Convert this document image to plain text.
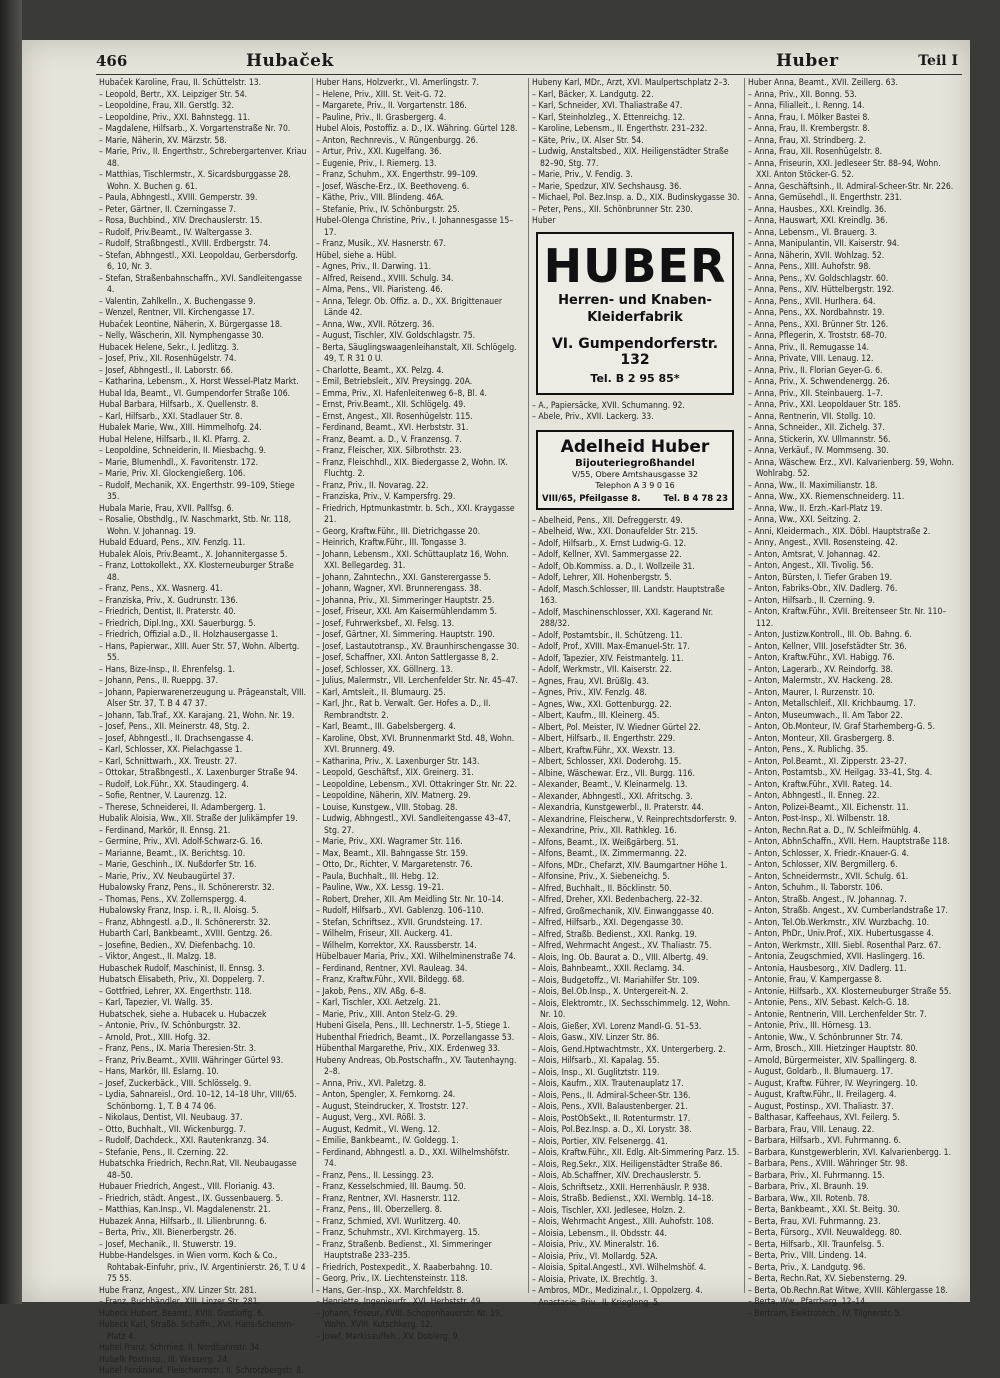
466	Hubaček	Huber	Teil I

Hubaček Karoline, Frau, II. Schüttelstr. 13.

– Leopold, Bertr., XX. Leipziger Str. 54.

– Leopoldine, Frau, XII. Gerstlg. 32.

– Leopoldine, Priv., XXI. Bahnstegg. 11.

– Magdalene, Hilfsarb., X. Vorgartenstraße Nr. 70.

– Marie, Näherin, XV. Märzstr. 58.

– Marie, Priv., II. Engerthstr., Schrebergartenver. Kriau 48.

– Matthias, Tischlermstr., X. Sicardsburggasse 28. Wohn. X. Buchen g. 61.

– Paula, Abhngestl., XVIII. Gemperstr. 39.

– Peter, Gärtner, II. Czerningasse 7.

– Rosa, Buchbind., XIV. Drechauslerstr. 15.

– Rudolf, Priv.Beamt., IV. Waltergasse 3.

– Rudolf, Straßbngestl., XVIII. Erdbergstr. 74.

– Stefan, Abhngestl., XXI. Leopoldau, Gerbersdorfg. 6, 10, Nr. 3.

– Stefan, Straßenbahnschaffn., XVI. Sandleitengasse 4.

– Valentin, Zahlkelln., X. Buchengasse 9.

– Wenzel, Rentner, VII. Kirchengasse 17.

Hubaček Leontine, Näherin, X. Bürgergasse 18.

– Nelly, Wäscherin, XII. Nymphengasse 30.

Hubacek Helene, Sekr., I. Jedlitzg. 3.

– Josef, Priv., XII. Rosenhügelstr. 74.

– Josef, Abhngestl., II. Laborstr. 66.

– Katharina, Lebensm., X. Horst Wessel-Platz Markt.

Hubal Ida, Beamt., VI. Gumpendorfer Straße 106.

Hubal Barbara, Hilfsarb., X. Quellenstr. 8.

– Karl, Hilfsarb., XXI. Stadlauer Str. 8.

Hubalek Marie, Ww., XIII. Himmelhofg. 24.

Hubal Helene, Hilfsarb., II. Kl. Pfarrg. 2.

– Leopoldine, Schneiderin, II. Miesbachg. 9.

– Marie, Blumenhdl., X. Favoritenstr. 172.

– Marie, Priv. XI. Glockengießerg. 106.

– Rudolf, Mechanik, XX. Engerthstr. 99–109, Stiege 35.

Hubala Marie, Frau, XVII. Pallfsg. 6.

– Rosalie, Obsthdlg., IV. Naschmarkt, Stb. Nr. 118, Wohn. V. Johannag. 19.

Hubald Eduard, Pens., XIV. Fenzlg. 11.

Hubalek Alois, Priv.Beamt., X. Johannitergasse 5.

– Franz, Lottokollekt., XX. Klosterneuburger Straße 48.

– Franz, Pens., XX. Wasnerg. 41.

– Franziska, Priv., X. Gudrunstr. 136.

– Friedrich, Dentist, II. Praterstr. 40.

– Friedrich, Dipl.Ing., XXI. Sauerburgg. 5.

– Friedrich, Offizial a.D., II. Holzhausergasse 1.

– Hans, Papierwar., XIII. Auer Str. 57, Wohn. Albertg. 55.

– Hans, Bize-Insp., II. Ehrenfelsg. 1.

– Johann, Pens., II. Rueppg. 37.

– Johann, Papierwarenerzeugung u. Prägeanstalt, VIII. Alser Str. 37, T. B 4 47 37.

– Johann, Tab.Traf., XX. Karajang. 21, Wohn. Nr. 19.

– Josef, Pens., XII. Meinerstr. 48, Stg. 2.

– Josef, Abhngestl., II. Drachsengasse 4.

– Karl, Schlosser, XX. Pielachgasse 1.

– Karl, Schnittwarh., XX. Treustr. 27.

– Ottokar, Straßbngestl., X. Laxenburger Straße 94.

– Rudolf, Lok.Führ., XX. Staudingerg. 4.

– Sofie, Rentner, V. Laurenzg. 12.

– Therese, Schneiderei, II. Adambergerg. 1.

Hubalik Aloisia, Ww., XII. Straße der Julikämpfer 19.

– Ferdinand, Markör, II. Ennsg. 21.

– Germine, Priv., XVI. Adolf-Schwarz-G. 16.

– Marianne, Beamt., IX. Berichtsg. 10.

– Marie, Geschinh., IX. Nußdorfer Str. 16.

– Marie, Priv., XV. Neubaugürtel 37.

Hubalowsky Franz, Pens., II. Schönererstr. 32.

– Thomas, Pens., XV. Zollernspergg. 4.

Hubalowsky Franz, Insp. i. R., II. Aloisg. 5.

– Franz, Abhngestl. a.D., II. Schönererstr. 32.

Hubarth Carl, Bankbeamt., XVIII. Gentzg. 26.

– Josefine, Bedien., XV. Diefenbachg. 10.

– Viktor, Angest., II. Malzg. 18.

Hubaschek Rudolf, Maschinist, II. Ennsg. 3.

Hubatsch Elisabeth, Priv., XI. Doppelerg. 7.

– Gottfried, Lehrer, XX. Engerthstr. 118.

– Karl, Tapezier, VI. Wallg. 35.

Hubatschek, siehe a. Hubacek u. Hubaczek

– Antonie, Priv., IV. Schönburgstr. 32.

– Arnold, Prot., XIII. Hofg. 32.

– Franz, Pens., IX. Maria Theresien-Str. 3.

– Franz, Priv.Beamt., XVIII. Währinger Gürtel 93.

– Hans, Markör, III. Eslarng. 10.

– Josef, Zuckerbäck., VIII. Schlösselg. 9.

– Lydia, Sahnareisl., Ord. 10–12, 14–18 Uhr, VIII/65. Schönborng. 1, T. B 4 74 06.

– Nikolaus, Dentist, VII. Neubaug. 37.

– Otto, Buchhalt., VII. Wickenburgg. 7.

– Rudolf, Dachdeck., XXI. Rautenkranzg. 34.

– Stefanie, Pens., II. Czerning. 22.

Hubatschka Friedrich, Rechn.Rat, VII. Neubaugasse 48–50.

Hubauer Friedrich, Angest., VIII. Florianig. 43.

– Friedrich, städt. Angest., IX. Gussenbauerg. 5.

– Matthias, Kan.Insp., VI. Magdalenenstr. 21.

Hubazek Anna, Hilfsarb., II. Lilienbrunng. 6.

– Berta, Priv., XII. Bienerbergstr. 26.

– Josef, Mechanik., II. Stuwerstr. 19.

Hubbe-Handelsges. in Wien vorm. Koch & Co., Rohtabak-Einfuhr, priv., IV. Argentinierstr. 26, T. U 4 75 55.

Hube Franz, Angest., XIV. Linzer Str. 281.

– Franz, Buchhändler, XIII. Linzer Str. 281.

Hubeck Hubert, Beamt., XVIII. Gustloffg. 6.

Hubeck Karl, Straßb. Schaffn., XVI. Hans-Schemm-Platz 4.

Hubel Franz, Schmied, II. Nordbahnstr. 34.

Hubelk Postinsp., III. Wasserg. 24.

Hubel Ferdinand, Fleischermstr., II. Schrotzbergstr. 8.

Huber Hans, Holzverkr., VI. Amerlingstr. 7.

– Helene, Priv., XIII. St. Veit-G. 72.

– Margarete, Priv., II. Vorgartenstr. 186.

– Pauline, Priv., II. Grasbergerg. 4.

Hubel Alois, Postoffiz. a. D., IX. Währing. Gürtel 128.

– Anton, Rechnrevis., V. Rüngenburgg. 26.

– Artur, Priv., XXI. Kugelfang. 36.

– Eugenie, Priv., I. Riemerg. 13.

– Franz, Schuhm., XX. Engerthstr. 99–109.

– Josef, Wäsche-Erz., IX. Beethoveng. 6.

– Käthe, Priv., VIII. Blindeng. 46A.

– Stefanie, Priv., IV. Schönburgstr. 25.

Hubel-Olenga Christine, Priv., I. Johannesgasse 15–17.

– Franz, Musik., XV. Hasnerstr. 67.

Hübel, siehe a. Hübl.

– Agnes, Priv., II. Darwing. 11.

– Alfred, Reisend., XVIII. Schulg. 34.

– Alma, Pens., VII. Piaristeng. 46.

– Anna, Telegr. Ob. Offiz. a. D., XX. Brigittenauer Lände 42.

– Anna, Ww., XVII. Rötzerg. 36.

– August, Tischler, XIV. Goldschlagstr. 75.

– Berta, Säuglingswaagenleihanstalt, XII. Schlögelg. 49, T. R 31 0 U.

– Charlotte, Beamt., XX. Pelzg. 4.

– Emil, Betriebsleit., XIV. Preysingg. 20A.

– Emma, Priv., XI. Hafenleitenweg 6–8, Bl. 4.

– Ernst, Priv.Beamt., XII. Schlögelg. 49.

– Ernst, Angest., XII. Rosenhügelstr. 115.

– Ferdinand, Beamt., XVI. Herbststr. 31.

– Franz, Beamt. a. D., V. Franzensg. 7.

– Franz, Fleischer, XIX. Silbrothstr. 23.

– Franz, Fleischhdl., XIX. Biedergasse 2, Wohn. IX. Fluchtg. 2.

– Franz, Priv., II. Novarag. 22.

– Franziska, Priv., V. Kampersfrg. 29.

– Friedrich, Hptmunkastmtr. b. Sch., XXI. Kraygasse 21.

– Georg, Kraftw.Führ., III. Dietrichgasse 20.

– Heinrich, Kraftw.Führ., III. Tongasse 3.

– Johann, Lebensm., XXI. Schüttauplatz 16, Wohn. XXI. Bellegardeg. 31.

– Johann, Zahntechn., XXI. Gansterergasse 5.

– Johann, Wagner, XVI. Brunnerengass. 38.

– Johanna, Priv., XI. Simmeringer Hauptstr. 25.

– Josef, Friseur, XXI. Am Kaisermühlendamm 5.

– Josef, Fuhrwerksbef., XI. Felsg. 13.

– Josef, Gärtner, XI. Simmering. Hauptstr. 190.

– Josef, Lastautotransp., XV. Braunhirschengasse 30.

– Josef, Schaffner, XXI. Anton Sattlergasse 8, 2.

– Josef, Schlosser, XX. Göllnerg. 13.

– Julius, Malermstr., VII. Lerchenfelder Str. Nr. 45–47.

– Karl, Amtsleit., II. Blumaurg. 25.

– Karl, Jhr., Rat b. Verwalt. Ger. Hofes a. D., II. Rembrandtstr. 2.

– Karl, Beamt., III. Gabelsbergerg. 4.

– Karoline, Obst, XVI. Brunnenmarkt Std. 48, Wohn. XVI. Brunnerg. 49.

– Katharina, Priv., X. Laxenburger Str. 143.

– Leopold, Geschäftsf., XIX. Greinerg. 31.

– Leopoldine, Lebensm., XVI. Ottakringer Str. Nr. 22.

– Leopoldine, Näherin, XIV. Matnerg. 29.

– Louise, Kunstgew., VIII. Stobag. 28.

– Ludwig, Abhngestl., XVI. Sandleitengasse 43–47, Stg. 27.

– Marie, Priv., XXI. Wagramer Str. 116.

– Max, Beamt., XII. Bahngasse Str. 159.

– Otto, Dr., Richter, V. Margaretenstr. 76.

– Paula, Buchhalt., III. Hebg. 12.

– Pauline, Ww., XX. Lessg. 19–21.

– Robert, Dreher, XII. Am Meidling Str. Nr. 10–14.

– Rudolf, Hilfsarb., XVI. Gablenzg. 106–110.

– Stefan, Schriftsez., XVII. Grundsteing. 17.

– Wilhelm, Friseur, XII. Auckerg. 41.

– Wilhelm, Korrektor, XX. Raussberstr. 14.

Hübelbauer Maria, Priv., XXI. Wilhelminenstraße 74.

– Ferdinand, Rentner, XVI. Rauleag. 34.

– Franz, Kraftw.Führ., XVII. Bildegg. 68.

– Jakob, Pens., XIV. Aßg. 6–8.

– Karl, Tischler, XXI. Aetzelg. 21.

– Marie, Priv., XIII. Anton Stelz-G. 29.

Hubeni Gisela, Pens., III. Lechnerstr. 1–5, Stiege 1.

Hubenthal Friedrich, Beamt., IX. Porzellangasse 53.

Hübenthal Margarethe, Priv., XIX. Erdenweg 33.

Hubeny Andreas, Ob.Postschaffn., XV. Tautenhayng. 2–8.

– Anna, Priv., XVI. Paletzg. 8.

– Anton, Spengler, X. Fernkorng. 24.

– August, Steindrucker, X. Troststr. 127.

– August, Verg., XVI. Rößl. 3.

– August, Kedmit., VI. Weng. 12.

– Emilie, Bankbeamt., IV. Goldegg. 1.

– Ferdinand, Abhngestl. a. D., XXI. Wilhelmshöfstr. 74.

– Franz, Pens., II. Lessingg. 23.

– Franz, Kesselschmied, III. Baumg. 50.

– Franz, Rentner, XVI. Hasnerstr. 112.

– Franz, Pens., III. Oberzellerg. 8.

– Franz, Schmied, XVI. Wurlitzerg. 40.

– Franz, Schuhmstr., XVI. Kirchmayerg. 15.

– Franz, Straßenb. Bedienst., XI. Simmeringer Hauptstraße 233–235.

– Friedrich, Postexpedit., X. Raaberbahng. 10.

– Georg, Priv., IX. Liechtensteinstr. 118.

– Hans, Ger.-Insp., XX. Marchfeldstr. 8.

– Henriette, Ingenieurfr., XVI. Herbststr. 49.

– Johann, Friseur, XVIII. Schopenhauerstr. Nr. 19, Wohn. XVIII. Kutschkerg. 12.

– Josef, Markisauffeh., XV. Doblerg. 9.

Hubeny Karl, MDr., Arzt, XVI. Maulpertschplatz 2–3.

– Karl, Bäcker, X. Landgutg. 22.

– Karl, Schneider, XVI. Thaliastraße 47.

– Karl, Steinholzleg., X. Ettenreichg. 12.

– Karoline, Lebensm., II. Engerthstr. 231–232.

– Käte, Priv., IX. Alser Str. 54.

– Ludwig, Anstaltsbed., XIX. Heiligenstädter Straße 82–90, Stg. 77.

– Marie, Priv., V. Fendig. 3.

– Marie, Spedzur, XIV. Sechshausg. 36.

– Michael, Pol. Bez.Insp. a. D., XIX. Budinskygasse 30.

– Peter, Pens., XII. Schönbrunner Str. 230.

Huber

HUBER
Herren- und Knaben-
Kleiderfabrik
VI. Gumpendorferstr. 132
Tel. B 2 95 85*

– A., Papiersäcke, XVII. Schumanng. 92.

– Abele, Priv., XVII. Lackerg. 33.

Adelheid Huber
Bijouteriegroßhandel
V/55, Obere Amtshausgasse 32
Telephon A 3 9 0 16
VIII/65, Pfeilgasse 8.	Tel. B 4 78 23

– Abelheid, Pens., XII. Defreggerstr. 49.

– Abelheid, Ww., XXI. Donaufelder Str. 215.

– Adolf, Hilfsarb., X. Ernst Ludwig-G. 12.

– Adolf, Kellner, XVI. Sammergasse 22.

– Adolf, Ob.Kommiss. a. D., I. Wollzeile 31.

– Adolf, Lehrer, XII. Hohenbergstr. 5.

– Adolf, Masch.Schlosser, III. Landstr. Hauptstraße 163.

– Adolf, Maschinenschlosser, XXI. Kagerand Nr. 288/32.

– Adolf, Postamtsbir., II. Schützeng. 11.

– Adolf, Prof., XVIII. Max-Emanuel-Str. 17.

– Adolf, Tapezier, XIV. Feistmantelg. 11.

– Adolf, Werkmstr., VII. Kaiserstr. 22.

– Agnes, Frau, XVI. Brüßlg. 43.

– Agnes, Priv., XIV. Fenzlg. 48.

– Agnes, Ww., XXI. Gottenburgg. 22.

– Albert, Kaufm., III. Kleinerg. 45.

– Albert, Pol. Meister, IV. Wiedner Gürtel 22.

– Albert, Hilfsarb., II. Engerthstr. 229.

– Albert, Kraftw.Führ., XX. Wexstr. 13.

– Albert, Schlosser, XXI. Doderohg. 15.

– Albine, Wäschewar. Erz., VII. Burgg. 116.

– Alexander, Beamt., V. Kleinarmelg. 13.

– Alexander, Abhngestl., XXI. Afritschg. 3.

– Alexandria, Kunstgewerbl., II. Praterstr. 44.

– Alexandrine, Fleischerw., V. Reinprechtsdorferstr. 9.

– Alexandrine, Priv., XII. Rathkleg. 16.

– Alfons, Beamt., IX. Weißgärberg. 51.

– Alfons, Beamt., IX. Zimmermanng. 22.

– Alfons, MDr., Chefarzt, XIV. Baumgartner Höhe 1.

– Alfonsine, Priv., X. Siebeneichg. 5.

– Alfred, Buchhalt., II. Böcklinstr. 50.

– Alfred, Dreher, XXI. Bedenbacherg. 22–32.

– Alfred, Großmechanik, XIV. Einwanggasse 40.

– Alfred, Hilfsarb., XXI. Degengasse 30.

– Alfred, Straßb. Bedienst., XXI. Rankg. 19.

– Alfred, Wehrmacht Angest., XV. Thaliastr. 75.

– Alois, Ing. Ob. Baurat a. D., VIII. Albertg. 49.

– Alois, Bahnbeamt., XXII. Reclamg. 34.

– Alois, Budgetoffz., VI. Mariahilfer Str. 109.

– Alois, Bel.Ob.Insp., X. Untergereit-N. 2.

– Alois, Elektromtr., IX. Sechsschimmelg. 12, Wohn. Nr. 10.

– Alois, Gießer, XVI. Lorenz Mandl-G. 51–53.

– Alois, Gasw., XIV. Linzer Str. 86.

– Alois, Gend.Hptwachtmstr., XX. Untergerberg. 2.

– Alois, Hilfsarb., XI. Kapalag. 55.

– Alois, Insp., XI. Guglitztstr. 119.

– Alois, Kaufm., XIX. Trautenauplatz 17.

– Alois, Pens., II. Admiral-Scheer-Str. 136.

– Alois, Pens., XVII. Balaustenberger. 21.

– Alois, PostObSekt., II. Rotenturmstr. 17.

– Alois, Pol.Bez.Insp. a. D., XI. Lorystr. 38.

– Alois, Portier, XIV. Felsenergg. 41.

– Alois, Kraftw.Führ., XII. Edlg. Alt-Simmering Parz. 15.

– Alois, Reg.Sekr., XIX. Heiligenstädter Straße 86.

– Alois, Ab.Schaffner, XIV. Drechauslerstr. 5.

– Alois, Schriftsetz., XXII. Herrenhäuslr. P. 938.

– Alois, Straßb. Bedienst., XXI. Wernblg. 14–18.

– Alois, Tischler, XXI. Jedlesee, Holzn. 2.

– Alois, Wehrmacht Angest., XIII. Auhofstr. 108.

– Aloisia, Lebensm., II. Obdsstr. 44.

– Aloisia, Priv., XV. Mineralstr. 16.

– Aloisia, Priv., VI. Mollardg. 52A.

– Aloisia, Spital.Angestl., XVI. Wilhelmshöf. 4.

– Aloisia, Private, IX. Brechtlg. 3.

– Ambros, MDr., Medizinal.r., I. Oppolzerg. 4.

– Anastasie, Priv., II. Kriegleng. 5.

Huber Anna, Beamt., XVII. Zeillerg. 63.

– Anna, Priv., XII. Bonng. 53.

– Anna, Filialleit., I. Renng. 14.

– Anna, Frau, I. Mölker Bastei 8.

– Anna, Frau, II. Krembergstr. 8.

– Anna, Frau, XI. Strindberg. 2.

– Anna, Frau, XII. Rosenhügelstr. 8.

– Anna, Friseurin, XXI. Jedleseer Str. 88–94, Wohn. XXI. Anton Stöcker-G. 52.

– Anna, Geschäftsinh., II. Admiral-Scheer-Str. Nr. 226.

– Anna, Gemüsehdl., II. Engerthstr. 231.

– Anna, Hausbes., XXI. Kreindlg. 36.

– Anna, Hauswart, XXI. Kreindlg. 36.

– Anna, Lebensm., VI. Brauerg. 3.

– Anna, Manipulantin, VII. Kaiserstr. 94.

– Anna, Näherin, XVII. Wohlzag. 52.

– Anna, Pens., XIII. Auhofstr. 98.

– Anna, Pens., XV. Goldschlagstr. 60.

– Anna, Pens., XIV. Hüttelbergstr. 192.

– Anna, Pens., XVII. Hurlhera. 64.

– Anna, Pens., XX. Nordbahnstr. 19.

– Anna, Pens., XXI. Brünner Str. 126.

– Anna, Pflegerin, X. Troststr. 68–70.

– Anna, Priv., II. Remugasse 14.

– Anna, Private, VIII. Lenaug. 12.

– Anna, Priv., II. Florian Geyer-G. 6.

– Anna, Priv., X. Schwendenergg. 26.

– Anna, Priv., XII. Steinbauerg. 1–7.

– Anna, Priv., XXI. Leopoldauer Str. 185.

– Anna, Rentnerin, VII. Stollg. 10.

– Anna, Schneider., XII. Zichelg. 37.

– Anna, Stickerin, XV. Ullmannstr. 56.

– Anna, Verkäuf., IV. Mommseng. 30.

– Anna, Wäschew. Erz., XVI. Kalvarienberg. 59, Wohn. Wohlrabg. 52.

– Anna, Ww., II. Maximilianstr. 18.

– Anna, Ww., XX. Riemenschneiderg. 11.

– Anna, Ww., II. Erzh.-Karl-Platz 19.

– Anna, Ww., XXI. Seitzing. 2.

– Anni, Kleidermach., XIX. Döbl. Hauptstraße 2.

– Anny, Angest., XVII. Rosensteing. 42.

– Anton, Amtsrat, V. Johannag. 42.

– Anton, Angest., XII. Tivolig. 56.

– Anton, Bürsten, I. Tiefer Graben 19.

– Anton, Fabriks-Obr., XIV. Dadlerg. 76.

– Anton, Hilfsarb., II. Czerning. 9.

– Anton, Kraftw.Führ., XVII. Breitenseer Str. Nr. 110–112.

– Anton, Justizw.Kontroll., III. Ob. Bahng. 6.

– Anton, Kellner, VIII. Josefstädter Str. 36.

– Anton, Kraftw.Führ., XVI. Habigg. 76.

– Anton, Lagerarb., XV. Reindorfg. 38.

– Anton, Malermstr., XV. Hackeng. 28.

– Anton, Maurer, I. Rurzenstr. 10.

– Anton, Metallschleif., XII. Krichbaumg. 17.

– Anton, Museumwach., II. Am Tabor 22.

– Anton, Ob.Monteur, IV. Graf Starhemberg-G. 5.

– Anton, Monteur, XII. Grasbergerg. 8.

– Anton, Pens., X. Rublichg. 35.

– Anton, Pol.Beamt., XI. Zipperstr. 23–27.

– Anton, Postamtsb., XV. Heilgag. 33–41, Stg. 4.

– Anton, Kraftw.Führ., XVII. Rateg. 14.

– Anton, Abhngestl., II. Enneg. 22.

– Anton, Polizei-Beamt., XII. Eichenstr. 11.

– Anton, Post-Insp., XI. Wilbenstr. 18.

– Anton, Rechn.Rat a. D., IV. Schleifmühlg. 4.

– Anton, AbhnSchaffn., XVII. Hern. Hauptstraße 118.

– Anton, Schlosser, X. Friedr.-Knauer-G. 4.

– Anton, Schlosser, XIV. Bergmillerg. 6.

– Anton, Schneidermstr., XVII. Schulg. 61.

– Anton, Schuhm., II. Taborstr. 106.

– Anton, Straßb. Angest., IV. Johannag. 7.

– Anton, Straßb. Angest., XV. Cumberlandstraße 17.

– Anton, Tel.Ob.Werkmstr., XIV. Wurzbachg. 10.

– Anton, PhDr., Univ.Prof., XIX. Hubertusgasse 4.

– Anton, Werkmstr., XIII. Siebl. Rosenthal Parz. 67.

– Antonia, Zeugschmied, XVII. Haslingerg. 16.

– Antonia, Hausbesorg., XIV. Dadlerg. 11.

– Antonie, Frau, V. Kampergasse 8.

– Antonie, Hilfsarb., XX. Klosterneuburger Straße 55.

– Antonie, Pens., XIV. Sebast. Kelch-G. 18.

– Antonie, Rentnerin, VIII. Lerchenfelder Str. 7.

– Antonie, Priv., III. Hörnesg. 13.

– Antonie, Ww., V. Schönbrunner Str. 74.

– Arm, Brosch., XIII. Hietzinger Hauptstr. 80.

– Arnold, Bürgermeister, XIV. Spallingerg. 8.

– August, Goldarb., II. Blumauerg. 17.

– August, Kraftw. Führer, IV. Weyringerg. 10.

– August, Kraftw.Führ., II. Freilagerg. 4.

– August, Postinsp., XVI. Thaliastr. 37.

– Balthasar, Kaffeehaus, XVI. Feilerg. 5.

– Barbara, Frau, VIII. Lenaug. 22.

– Barbara, Hilfsarb., XVI. Fuhrmanng. 6.

– Barbara, Kunstgewerblerin, XVI. Kalvarienbergg. 1.

– Barbara, Pens., XVIII. Währinger Str. 98.

– Barbara, Priv., XI. Fuhrmanng. 15.

– Barbara, Priv., XI. Braunh. 19.

– Barbara, Ww., XII. Rotenb. 78.

– Berta, Bankbeamt., XXI. St. Beitg. 30.

– Berta, Frau, XVI. Fuhrmanng. 23.

– Berta, Fürsorg., XVII. Neuwaldegg. 80.

– Berta, Hilfsarb., XII. Traunfelsg. 5.

– Berta, Priv., VIII. Lindeng. 14.

– Berta, Priv., X. Landgutg. 96.

– Berta, Rechn.Rat, XV. Siebensterng. 29.

– Berta, Ob.Rechn.Rat Witwe, XVIII. Köhlergasse 18.

– Berta, Ww., Pfarrberg. 12–14.

– Bertram, Elektrotech., IV. Tilgnerstr. 5.
